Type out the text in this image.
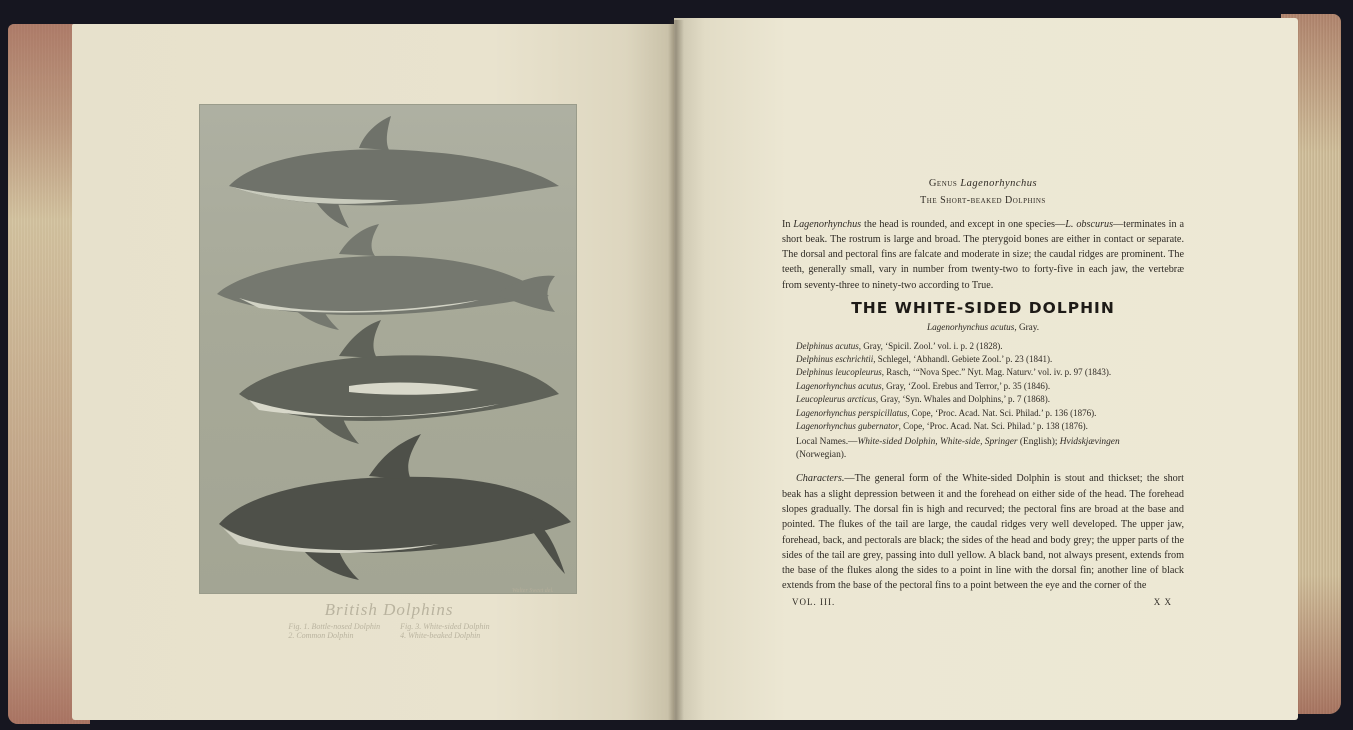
Walter Sweet del.
British Dolphins
Fig. 1. Bottle-nosed Dolphin
2. Common Dolphin
Fig. 3. White-sided Dolphin
4. White-beaked Dolphin
Genus Lagenorhynchus
The Short-beaked Dolphins
In Lagenorhynchus the head is rounded, and except in one species—L. obscurus—terminates in a short beak. The rostrum is large and broad. The pterygoid bones are either in contact or separate. The dorsal and pectoral fins are falcate and moderate in size; the caudal ridges are prominent. The teeth, generally small, vary in number from twenty-two to forty-five in each jaw, the vertebræ from seventy-three to ninety-two according to True.
THE WHITE-SIDED DOLPHIN
Lagenorhynchus acutus, Gray.
Delphinus acutus, Gray, ‘Spicil. Zool.’ vol. i. p. 2 (1828).
Delphinus eschrichtii, Schlegel, ‘Abhandl. Gebiete Zool.’ p. 23 (1841).
Delphinus leucopleurus, Rasch, ‘“Nova Spec.” Nyt. Mag. Naturv.’ vol. iv. p. 97 (1843).
Lagenorhynchus acutus, Gray, ‘Zool. Erebus and Terror,’ p. 35 (1846).
Leucopleurus arcticus, Gray, ‘Syn. Whales and Dolphins,’ p. 7 (1868).
Lagenorhynchus perspicillatus, Cope, ‘Proc. Acad. Nat. Sci. Philad.’ p. 136 (1876).
Lagenorhynchus gubernator, Cope, ‘Proc. Acad. Nat. Sci. Philad.’ p. 138 (1876).
Local Names.—White-sided Dolphin, White-side, Springer (English); Hvidskjævingen
(Norwegian).
Characters.—The general form of the White-sided Dolphin is stout and thickset; the short beak has a slight depression between it and the forehead on either side of the head. The forehead slopes gradually. The dorsal fin is high and recurved; the pectoral fins are broad at the base and pointed. The flukes of the tail are large, the caudal ridges very well developed. The upper jaw, forehead, back, and pectorals are black; the sides of the head and body grey; the upper parts of the sides of the tail are grey, passing into dull yellow. A black band, not always present, extends from the base of the flukes along the sides to a point in line with the dorsal fin; another line of black extends from the base of the pectoral fins to a point between the eye and the corner of the
VOL. III.	X X
